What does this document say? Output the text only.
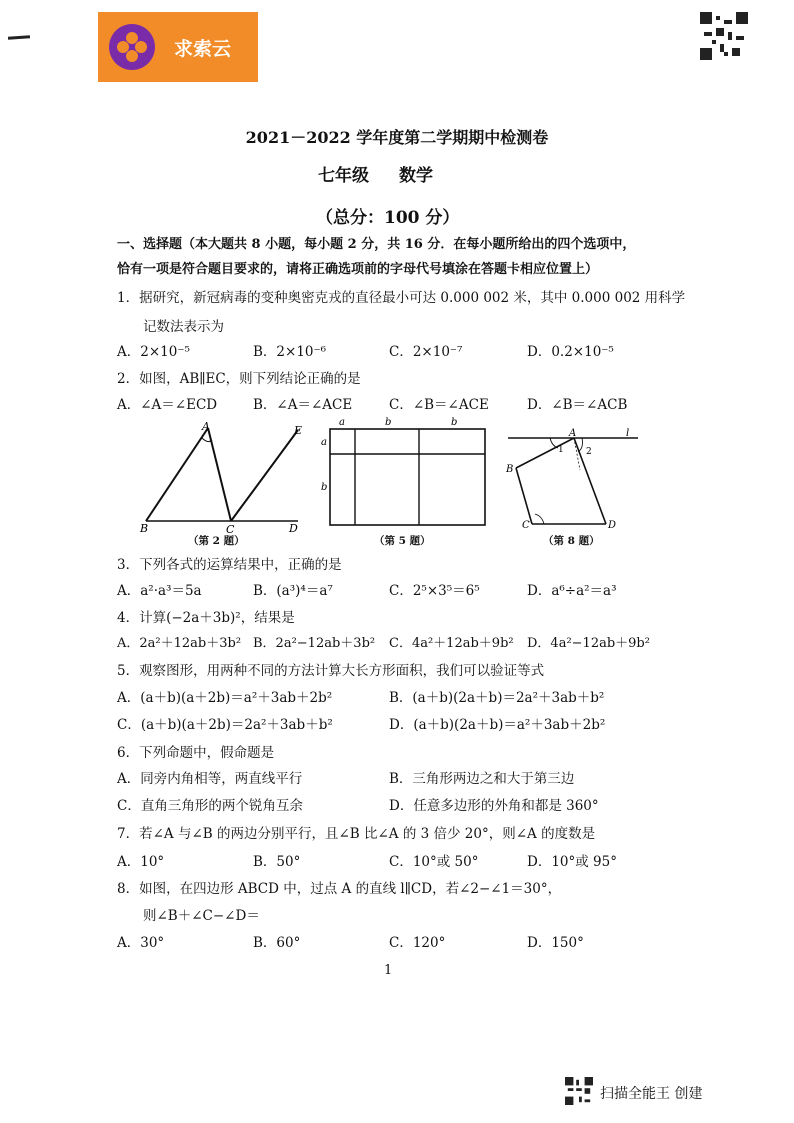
求索云
2021－2022 学年度第二学期期中检测卷
七年级 数学
（总分：100 分）
一、选择题（本大题共 8 小题，每小题 2 分，共 16 分．在每小题所给出的四个选项中，
恰有一项是符合题目要求的，请将正确选项前的字母代号填涂在答题卡相应位置上）
1．据研究，新冠病毒的变种奥密克戎的直径最小可达 0.000 002 米，其中 0.000 002 用科学
记数法表示为
A．2×10⁻⁵	B．2×10⁻⁶	C．2×10⁻⁷	D．0.2×10⁻⁵
2．如图，AB∥EC，则下列结论正确的是
A．∠A＝∠ECD	B．∠A＝∠ACE	C．∠B＝∠ACE	D．∠B＝∠ACB
A	E
B	C	D
（第 2 题）
a	b	b
a
b
（第 5 题）
A	l
1 2
B
C	D
（第 8 题）
3．下列各式的运算结果中，正确的是
A．a²·a³＝5a	B．(a³)⁴＝a⁷	C．2⁵×3⁵＝6⁵	D．a⁶÷a²＝a³
4．计算(−2a＋3b)²，结果是
A．2a²＋12ab＋3b² B．2a²−12ab＋3b² C．4a²＋12ab＋9b² D．4a²−12ab＋9b²
5．观察图形，用两种不同的方法计算大长方形面积，我们可以验证等式
A．(a＋b)(a＋2b)＝a²＋3ab＋2b²	B．(a＋b)(2a＋b)＝2a²＋3ab＋b²
C．(a＋b)(a＋2b)＝2a²＋3ab＋b²	D．(a＋b)(2a＋b)＝a²＋3ab＋2b²
6．下列命题中，假命题是
A．同旁内角相等，两直线平行	B．三角形两边之和大于第三边
C．直角三角形的两个锐角互余	D．任意多边形的外角和都是 360°
7．若∠A 与∠B 的两边分别平行，且∠B 比∠A 的 3 倍少 20°，则∠A 的度数是
A．10°	B．50°	C．10°或 50°	D．10°或 95°
8．如图，在四边形 ABCD 中，过点 A 的直线 l∥CD，若∠2−∠1＝30°，
则∠B＋∠C−∠D＝
A．30°	B．60°	C．120°	D．150°
1
扫描全能王 创建
